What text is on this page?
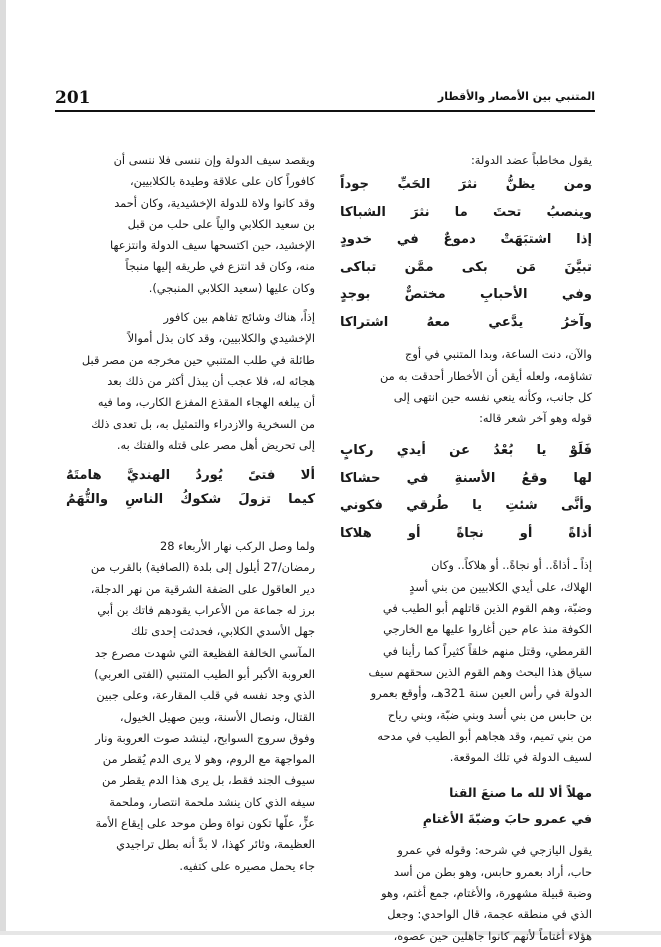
201	المتنبي بين الأمصار والأقطار

يقول مخاطباً عضد الدولة:

ومن يظنُّ نثرَ الحَبِّ جوداً

وينصبُ تحتَ ما نثرَ الشباكا

إذا اشتبَهَتْ دموعٌ في خدودٍ

تبيَّنَ مَن بكى ممَّن تباكى

وفي الأحبابِ مختصٌّ بوجدٍ

وآخرُ يدَّعي معهُ اشتراكا

والآن، دنت الساعة، وبدا المتنبي في أوج

تشاؤمه، ولعله أيقن أن الأخطار أحدقت به من

كل جانب، وكأنه ينعي نفسه حين انتهى إلى

قوله وهو آخر شعر قاله:

فَلَوْ يا بُعْدُ عن أيدي ركابٍ

لها وقعُ الأسنةِ في حشاكا

وأنَّى شئتِ يا طُرقي فكوني

أذاةً أو نجاةً أو هلاكا

إذاً ـ أذاةً.. أو نجاةً.. أو هلاكاً.. وكان

الهلاك، على أيدي الكلابيين من بني أسدٍ

وضبّة، وهم القوم الذين قاتلهم أبو الطيب في

الكوفة منذ عام حين أغاروا عليها مع الخارجي

القرمطي، وقتل منهم خلقاً كثيراً كما رأينا في

سياق هذا البحث وهم القوم الذين سحقهم سيف

الدولة في رأس العين سنة 321هـ، وأوقع بعمرو

بن حابس من بني أسد وبني ضبّة، وبني رياح

من بني تميم، وقد هجاهم أبو الطيب في مدحه

لسيف الدولة في تلك الموقعة.

مهلاً ألا لله ما صنعَ القنا

في عمرو حابَ وضبّةَ الأغتامِ

يقول اليازجي في شرحه: وقوله في عمرو

حاب، أراد بعمرو حابس، وهو بطن من أسد

وضبة قبيلة مشهورة، والأغتام، جمع أغتم، وهو

الذي في منطقه عجمة، قال الواحدي: وجعل

هؤلاء أغتاماً لأنهم كانوا جاهلين حين عصوه،

ويقصد سيف الدولة وإن ننسى فلا ننسى أن

كافوراً كان على علاقة وطيدة بالكلابيين،

وقد كانوا ولاة للدولة الإخشيدية، وكان أحمد

بن سعيد الكلابي والياً على حلب من قبل

الإخشيد، حين اكتسحها سيف الدولة وانتزعها

منه، وكان قد انتزع في طريقه إليها منبجاً

وكان عليها (سعيد الكلابي المنبجي).

إذاً، هناك وشائج تفاهم بين كافور

الإخشيدي والكلابيين، وقد كان بذل أموالاً

طائلة في طلب المتنبي حين مخرجه من مصر قبل

هجائه له، فلا عجب أن يبذل أكثر من ذلك بعد

أن يبلغه الهجاء المقذع المفزع الكارب، وما فيه

من السخرية والازدراء والتمثيل به، بل تعدى ذلك

إلى تحريض أهل مصر على قتله والفتك به.

ألا فتىً يُوردُ الهنديَّ هامتَهُ

كيما تزولَ شكوكُ الناسِ والتُّهَمُ

ولما وصل الركب نهار الأربعاء 28

رمضان/27 أيلول إلى بلدة (الصافية) بالقرب من

دير العاقول على الضفة الشرقية من نهر الدجلة،

برز له جماعة من الأعراب يقودهم فاتك بن أبي

جهل الأسدي الكلابي، فحدثت إحدى تلك

المآسي الخالفة الفظيعة التي شهدت مصرع جد

العروبة الأكبر أبو الطيب المتنبي (الفتى العربي)

الذي وجد نفسه في قلب المقارعة، وعلى جبين

القتال، ونصال الأسنة، وبين صهيل الخيول،

وفوق سروج السوابح، لينشد صوت العروبة ونار

المواجهة مع الروم، وهو لا يرى الدم يُقطر من

سيوف الجند فقط، بل يرى هذا الدم يقطر من

سيفه الذي كان ينشد ملحمة انتصار، وملحمة

عزٍّ، علّها تكون نواة وطن موحد على إيقاع الأمة

العظيمة، وثائر كهذا، لا بدَّ أنه بطل تراجيدي

جاء يحمل مصيره على كتفيه.
